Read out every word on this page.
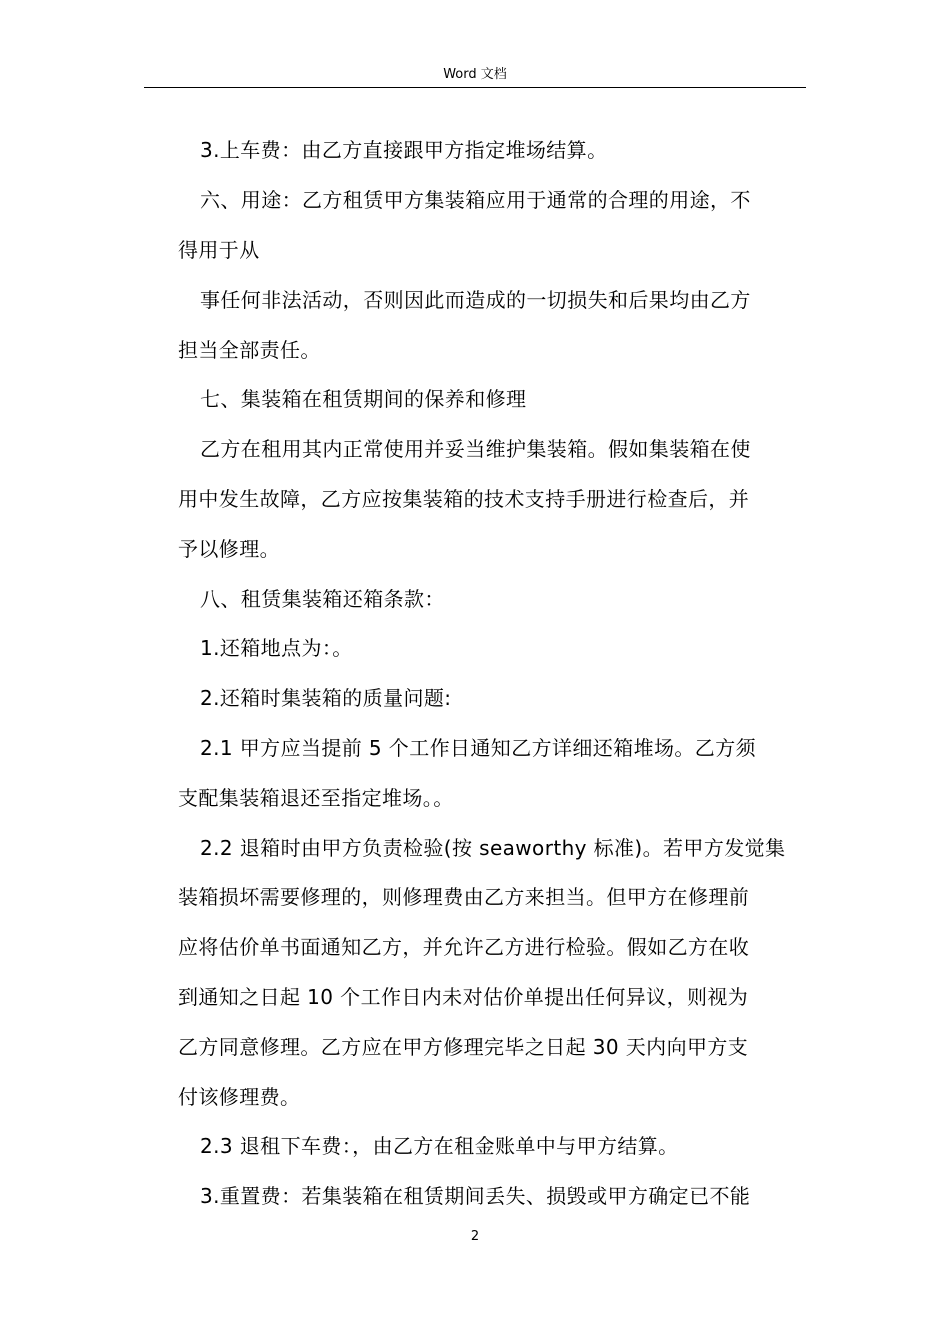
Word 文档
3.上车费：由乙方直接跟甲方指定堆场结算。
六、用途：乙方租赁甲方集装箱应用于通常的合理的用途，不
得用于从
事任何非法活动，否则因此而造成的一切损失和后果均由乙方
担当全部责任。
七、集装箱在租赁期间的保养和修理
乙方在租用其内正常使用并妥当维护集装箱。假如集装箱在使
用中发生故障，乙方应按集装箱的技术支持手册进行检查后，并
予以修理。
八、租赁集装箱还箱条款：
1.还箱地点为：。
2.还箱时集装箱的质量问题:
2.1 甲方应当提前 5 个工作日通知乙方详细还箱堆场。乙方须
支配集装箱退还至指定堆场。。
2.2 退箱时由甲方负责检验(按 seaworthy 标准)。若甲方发觉集
装箱损坏需要修理的，则修理费由乙方来担当。但甲方在修理前
应将估价单书面通知乙方，并允许乙方进行检验。假如乙方在收
到通知之日起 10 个工作日内未对估价单提出任何异议，则视为
乙方同意修理。乙方应在甲方修理完毕之日起 30 天内向甲方支
付该修理费。
2.3 退租下车费：，由乙方在租金账单中与甲方结算。
3.重置费：若集装箱在租赁期间丢失、损毁或甲方确定已不能
2
